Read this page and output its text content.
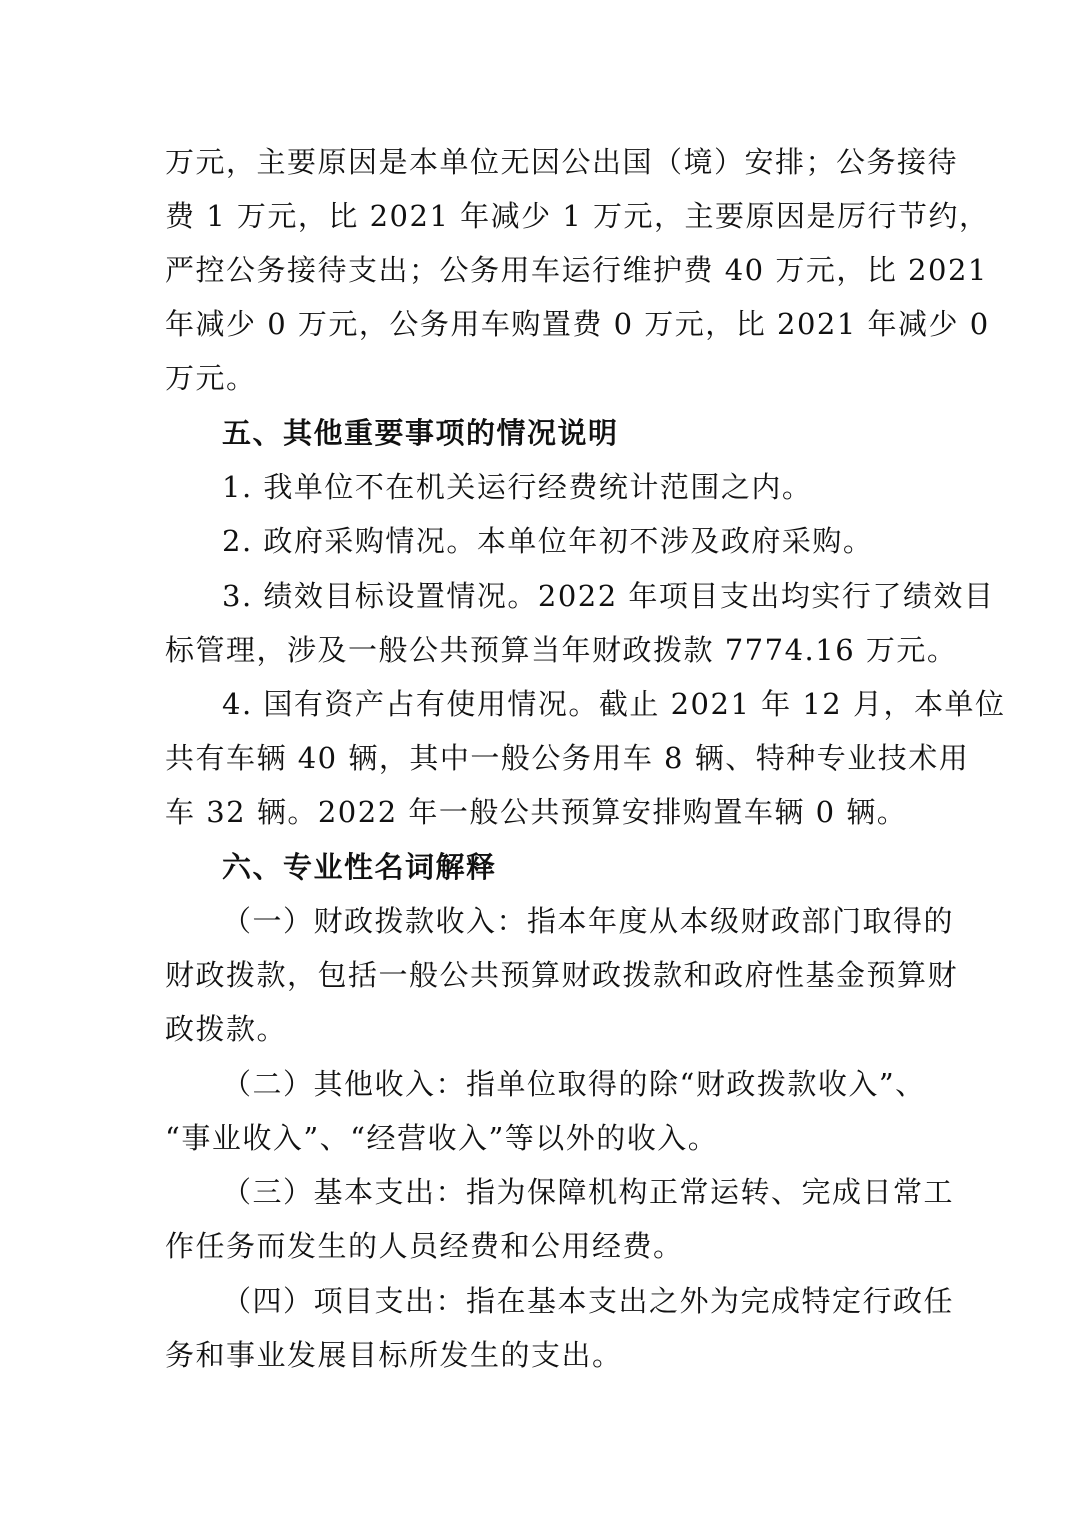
万元，主要原因是本单位无因公出国（境）安排；公务接待
费 1 万元，比 2021 年减少 1 万元，主要原因是厉行节约，
严控公务接待支出；公务用车运行维护费 40 万元，比 2021
年减少 0 万元，公务用车购置费 0 万元，比 2021 年减少 0
万元。
五、其他重要事项的情况说明
1. 我单位不在机关运行经费统计范围之内。
2. 政府采购情况。本单位年初不涉及政府采购。
3. 绩效目标设置情况。2022 年项目支出均实行了绩效目
标管理，涉及一般公共预算当年财政拨款 7774.16 万元。
4. 国有资产占有使用情况。截止 2021 年 12 月，本单位
共有车辆 40 辆，其中一般公务用车 8 辆、特种专业技术用
车 32 辆。2022 年一般公共预算安排购置车辆 0 辆。
六、专业性名词解释
（一）财政拨款收入：指本年度从本级财政部门取得的
财政拨款，包括一般公共预算财政拨款和政府性基金预算财
政拨款。
（二）其他收入：指单位取得的除“财政拨款收入”、
“事业收入”、“经营收入”等以外的收入。
（三）基本支出：指为保障机构正常运转、完成日常工
作任务而发生的人员经费和公用经费。
（四）项目支出：指在基本支出之外为完成特定行政任
务和事业发展目标所发生的支出。
